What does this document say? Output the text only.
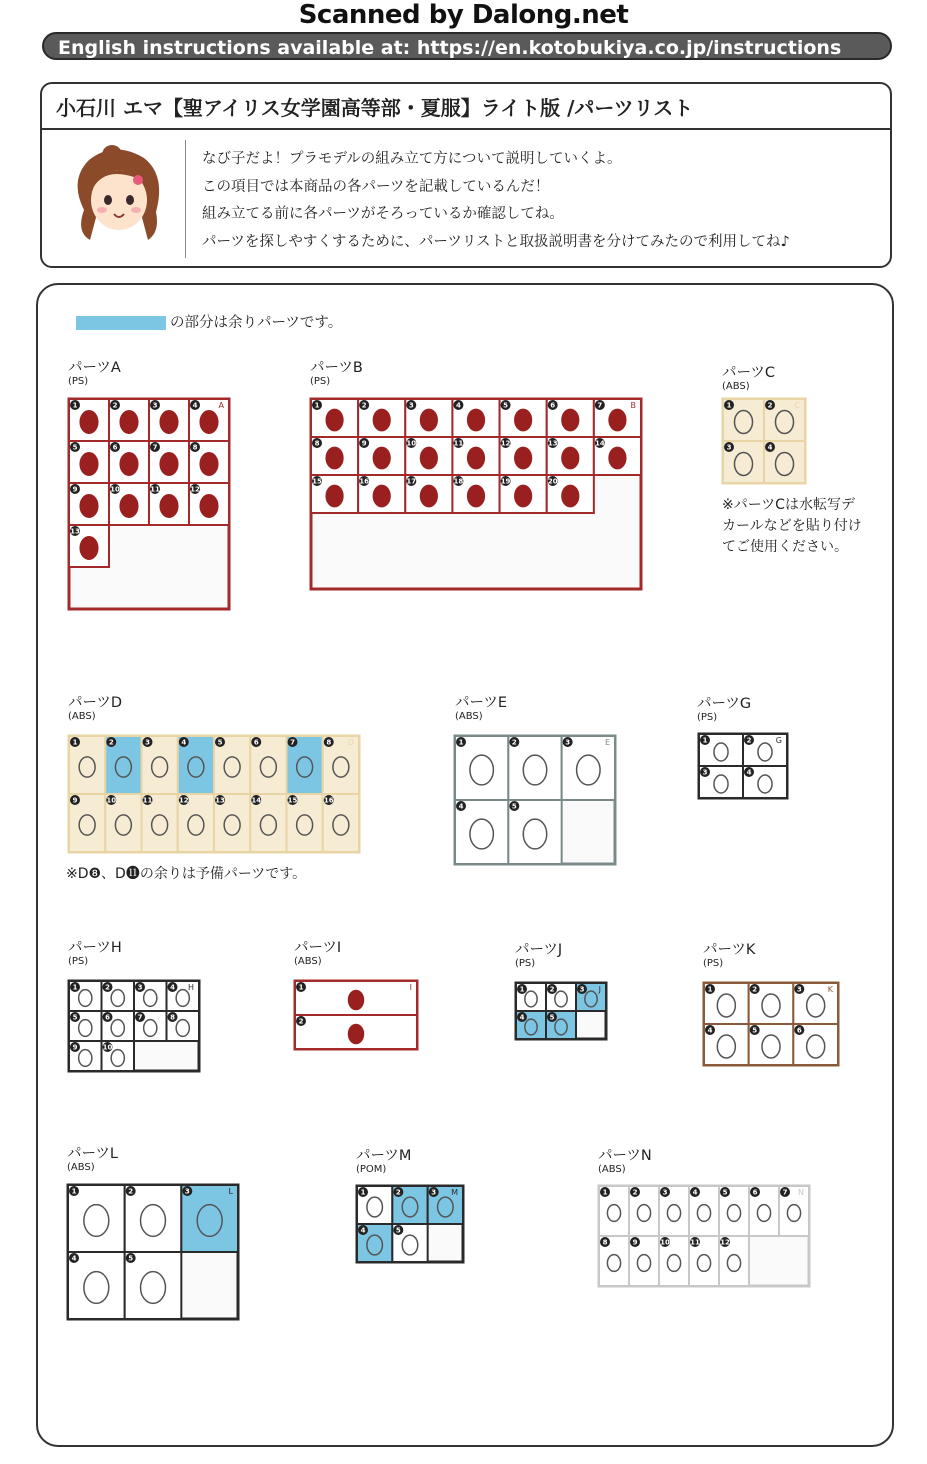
Scanned by Dalong.net
English instructions available at: https://en.kotobukiya.co.jp/instructions
小石川 エマ【聖アイリス女学園高等部・夏服】ライト版 /パーツリスト
なび子だよ！プラモデルの組み立て方について説明していくよ。
この項目では本商品の各パーツを記載しているんだ！
組み立てる前に各パーツがそろっているか確認してね。
パーツを探しやすくするために、パーツリストと取扱説明書を分けてみたので利用してね♪
の部分は余りパーツです。
パーツA
(PS)
パーツB
(PS)
パーツC
(ABS)
パーツD
(ABS)
パーツE
(ABS)
パーツG
(PS)
パーツH
(PS)
パーツI
(ABS)
パーツJ
(PS)
パーツK
(PS)
パーツL
(ABS)
パーツM
(POM)
パーツN
(ABS)
※パーツCは水転写デカールなどを貼り付けてご使用ください。
※D❽、D⓫の余りは予備パーツです。
1	2	3	4
5	6	7	8
9	10	11	12
13
A	1	2	3	4	5	6	7
8	9	10	11	12	13	14
15	16	17	18	19	20
B	1	2
3	4
C
1	2	3	4	5	6	7	8
9	10	11	12	13	14	15	16
D	1	2	3
4	5
E	1	2
3	4
G
1	2	3	4
5	6	7	8
9	10
H	1
2
I	1	2	3
4	5
J	1	2	3
4	5	6
K
1	2	3
4	5
L	1	2	3
4	5
M	1	2	3	4	5	6	7
8	9	10	11	12
N
